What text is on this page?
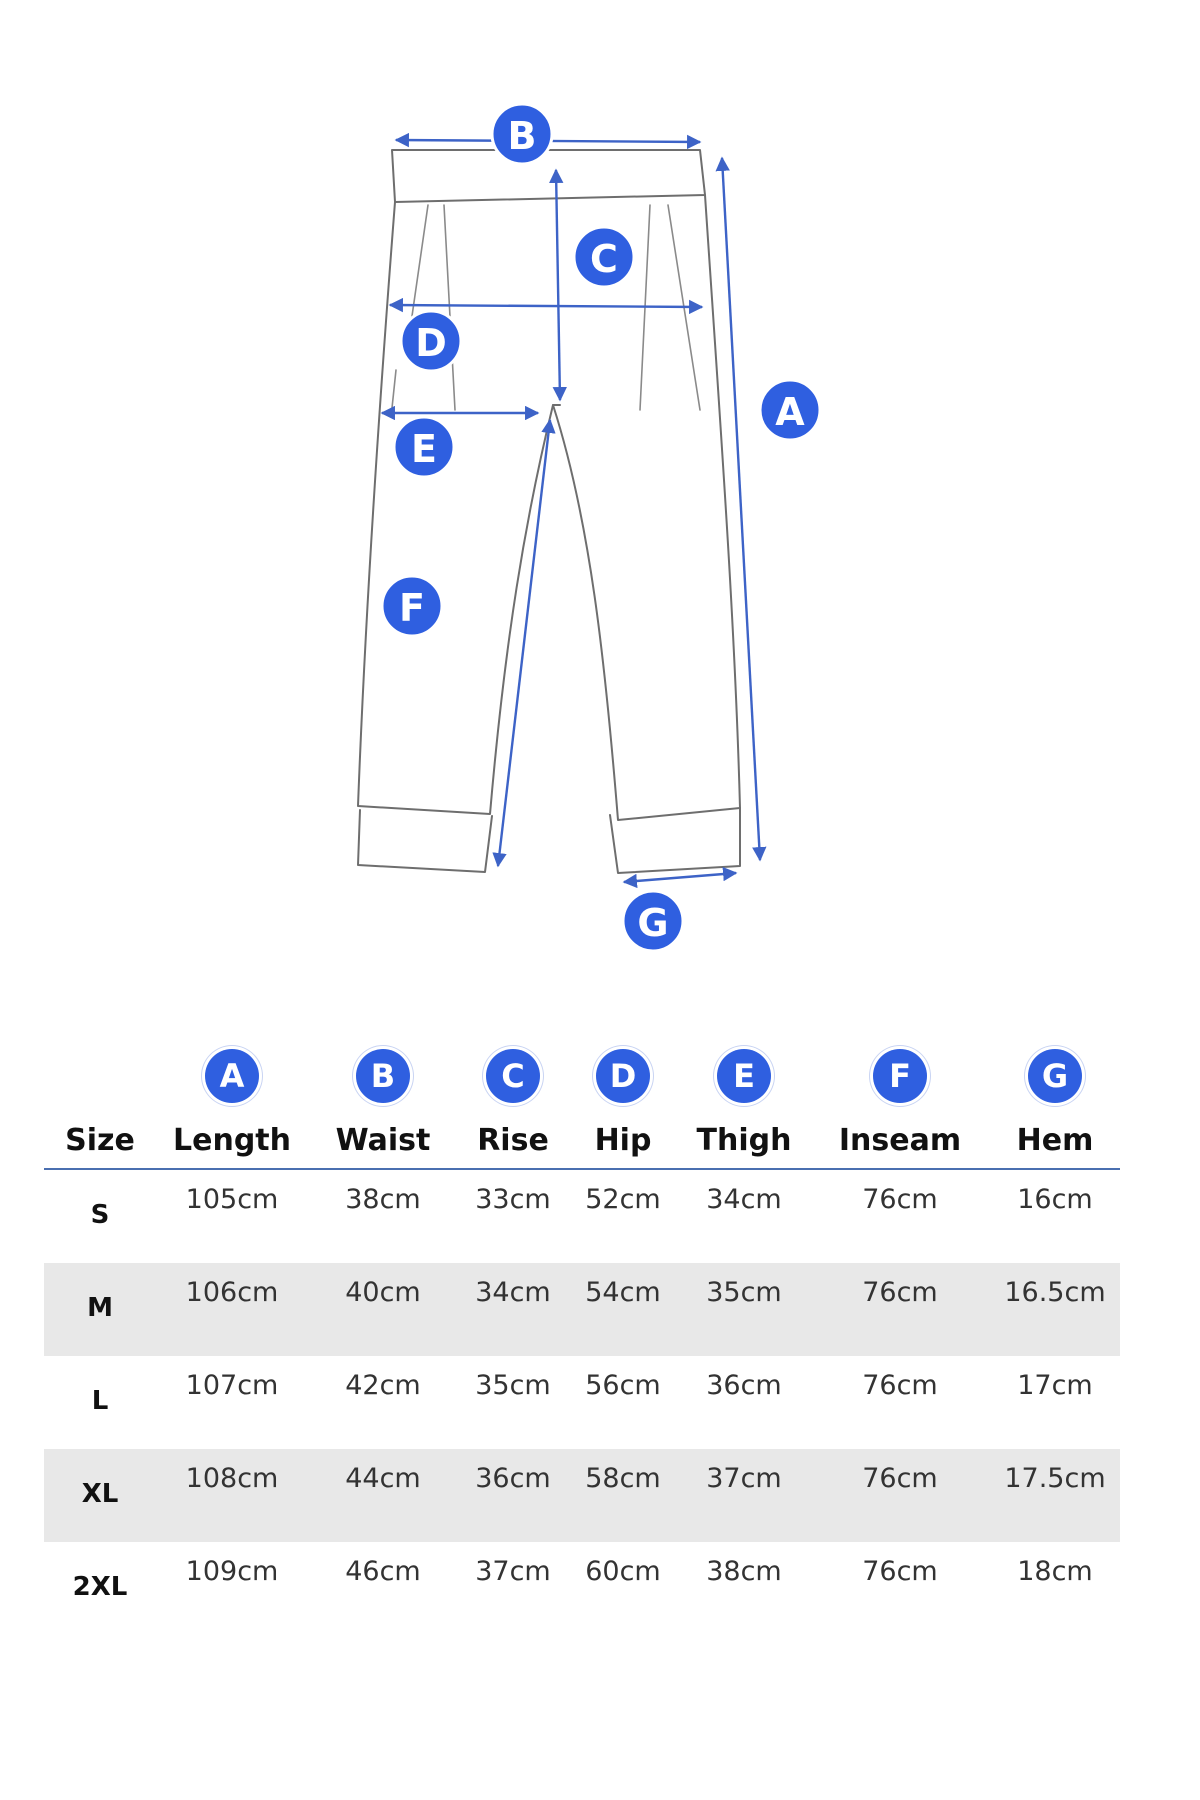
B
C
D
E
A
F
G
A	B	C	D	E	F	G
Size	Length	Waist	Rise	Hip	Thigh	Inseam	Hem
S	105cm	38cm	33cm	52cm	34cm	76cm	16cm
M	106cm	40cm	34cm	54cm	35cm	76cm	16.5cm
L	107cm	42cm	35cm	56cm	36cm	76cm	17cm
XL	108cm	44cm	36cm	58cm	37cm	76cm	17.5cm
2XL	109cm	46cm	37cm	60cm	38cm	76cm	18cm
